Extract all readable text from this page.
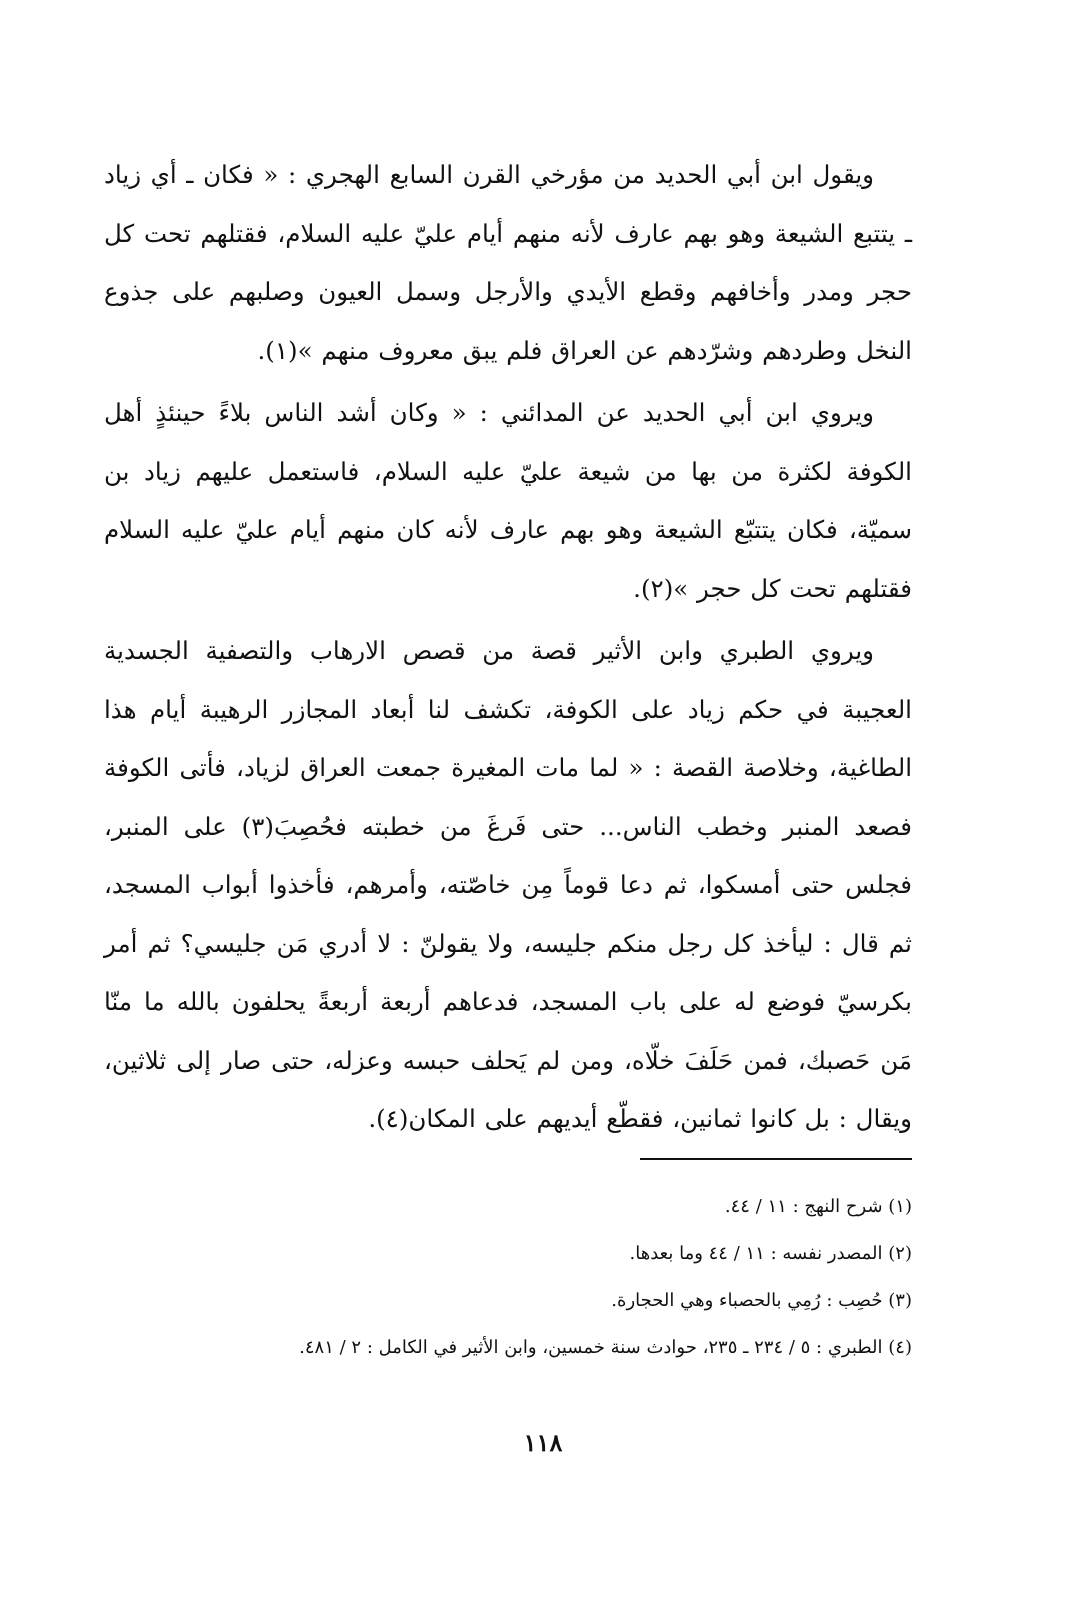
ويقول ابن أبي الحديد من مؤرخي القرن السابع الهجري : « فكان ـ أي زياد ـ يتتبع الشيعة وهو بهم عارف لأنه منهم أيام عليّ عليه السلام، فقتلهم تحت كل حجر ومدر وأخافهم وقطع الأيدي والأرجل وسمل العيون وصلبهم على جذوع النخل وطردهم وشرّدهم عن العراق فلم يبق معروف منهم »(١).

ويروي ابن أبي الحديد عن المدائني : « وكان أشد الناس بلاءً حينئذٍ أهل الكوفة لكثرة من بها من شيعة عليّ عليه السلام، فاستعمل عليهم زياد بن سميّة، فكان يتتبّع الشيعة وهو بهم عارف لأنه كان منهم أيام عليّ عليه السلام فقتلهم تحت كل حجر »(٢).

ويروي الطبري وابن الأثير قصة من قصص الارهاب والتصفية الجسدية العجيبة في حكم زياد على الكوفة، تكشف لنا أبعاد المجازر الرهيبة أيام هذا الطاغية، وخلاصة القصة : « لما مات المغيرة جمعت العراق لزياد، فأتى الكوفة فصعد المنبر وخطب الناس... حتى فَرغَ من خطبته فحُصِبَ(٣) على المنبر، فجلس حتى أمسكوا، ثم دعا قوماً مِن خاصّته، وأمرهم، فأخذوا أبواب المسجد، ثم قال : ليأخذ كل رجل منكم جليسه، ولا يقولنّ : لا أدري مَن جليسي؟ ثم أمر بكرسيّ فوضع له على باب المسجد، فدعاهم أربعة أربعةً يحلفون بالله ما منّا مَن حَصبك، فمن حَلَفَ خلّاه، ومن لم يَحلف حبسه وعزله، حتى صار إلى ثلاثين، ويقال : بل كانوا ثمانين، فقطّع أيديهم على المكان(٤).

(١) شرح النهج : ١١ / ٤٤.

(٢) المصدر نفسه : ١١ / ٤٤ وما بعدها.

(٣) حُصِب : رُمِي بالحصباء وهي الحجارة.

(٤) الطبري : ٥ / ٢٣٤ ـ ٢٣٥، حوادث سنة خمسين، وابن الأثير في الكامل : ٢ / ٤٨١.

١١٨
